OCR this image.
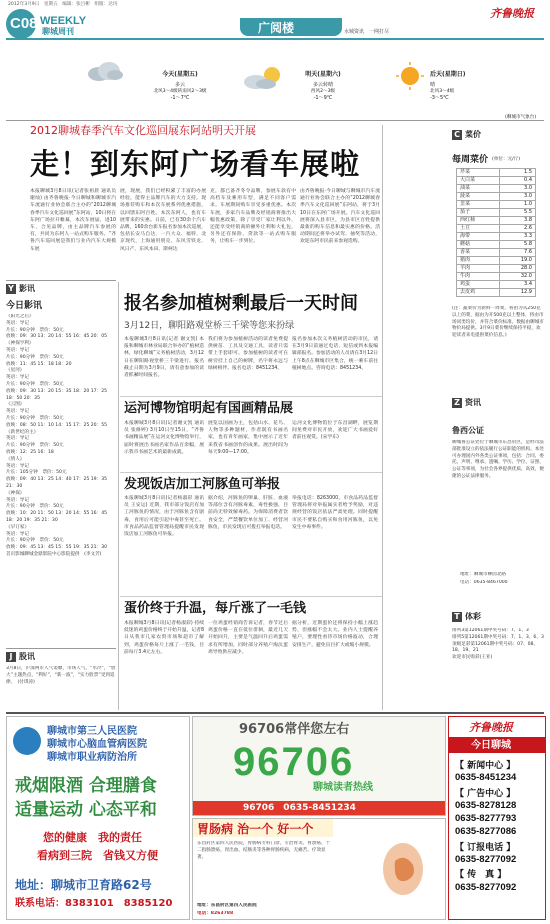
2012年3月9日　星期五　编辑：张吕彬　组版：达玛
C08 WEEKLY
聊城周刊	广阅楼	水城资讯　一网打尽
齐鲁晚报
今天(星期五)
多云
北风3～4级转南风2～3级
-1～7℃
明天(星期六)
多云转晴
西风2～3级
-1～9℃
后天(星期日)
晴
北风3～4级
-3～5℃
(聊城市气象台)
2012聊城春季汽车文化巡回展东阿站明天开展
走！到东阿广场看车展啦
本报聊城3月8日讯(记者张祖晨 通讯员 谢灿) 由齐鲁晚报·今日聊城和聊城市汽车流通行业协会联合主办的“2012聊城春季汽车文化巡回展”东阿站，10日将在东阿广场拉开帷幕，本次车展届，进10车，合见品牌，由主品牌汽车参展的有，共同为东阿人一站式购车服务。“齐鲁汽车巡回展是我们与业内汽车大规模车展
展，现展，我们已经积累了丰富的办展经验，能得主品牌汽车的大力支持。现场推荐购车和本次车展系列优惠措施，以回馈东阿百姓。本次东阿人，也有车展带来的实惠。日前，已有30余个汽车品牌，160余台新车报名参加本次巡展，包括长安马自达、一汽大众、福特、北京现代、上海通用别克、东风雪铁龙、风日产、东风本田、斯柯达
克，都已备齐冬令品牌，参展车款有中高档车及乘用车型，满足不同客户需求。车展期间购车享受多重优惠。本次车展，多家汽车品牌及经销商将推出大幅优惠政策，除了享受厂家让利以外，还能享受经销商的额外让利和大礼包，另外还有保险、贷款等一站式购车服务，让购车一步到位。
由齐鲁晚报·今日聊城与聊城市汽车流通行业协会联合主办的“2012聊城春季汽车文化巡回展”东阿站，将于3月10日在东阿广场开展。汽车文化巡回展将深入县市区，为县市区百姓提供最新的购车信息和最实惠的价格。活动期间还将举办试驾、抽奖等活动，欢迎东阿市民前来参观选购。
Y 影讯
今日影讯
《阳光之后》
英语：导记
片长：90分钟　票价：50元
放映：09：30 13：20 14：55 16：45 20：05
《神探亨利》
英语：导记
片长：90分钟　票价：50元
放映：11：45 15：18 18：20
《星河》
英语：导记
片长：90分钟　票价：50元
放映：09：30 13：20 15：35 18：20 17：25 18：50 20：35
《云图》
英语：导记
片长：90分钟　票价：50元
放映：08：50 11：10 14：15 17：25 20：55
《新世纪的主》
英语：导记
片长：90分钟　票价：50元
放映：12：25 16：18
《情人》
英语：导记
片长：105分钟　票价：50元
放映：09：40 13：25 14：40 17：25 19：35 21：30
《神探》
英语：导记
片长：90分钟　票价：50元
放映：10：20 11：50 13：20 14：55 16：45 18：20 19：35 21：30
《早订家》
英语：导记
片长：90分钟　票价：50元
放映：09：45 13：45 15：55 19：35 21：30
首页影城聊城金鼎影院中心影院提供　(李文芳)
J 股讯
3月8日，沪深两市人气萎靡，市场人气，“水冷”，“放大”主题热点，“利好”，“新一波”，“实力股票”受到追捧。　(付琪涛)
报名参加植树剩最后一天时间
3月12日，聊阳路观堂桥三千梁等您来扮绿
本报聊城3月8日讯(记者 谢文凯) 本报和聊城市林业局联合举办的“植树造林，绿化聊城”义务植树活动，3月12日在聊阳路观堂桥三千梁进行。报名截止日期为3月9日，请有意参加的读者抓紧时间报名。
我们将为参加植树活动的读者免费提供树苗、工具及交通工具，读者只需带上手套即可。参加植树的读者可在树旁挂上自己的树牌，名字将永远与绿树相伴。报名电话：8451234。
报名参加本次义务植树活动的市民，请在3月9日前通过电话、短信或到本报编辑部报名。参加活动的人员请在3月12日上午8点在聊城市区集合，统一乘车前往植树地点。咨询电话：8451234。
运河博物馆明起有国画精品展
本报聊城3月8日讯(记者谢文凯 通讯员 张修婷) 3月10日至15日，“齐鲁书画精品展”在运河文化博物馆举行，届时将展出书画名家作品百余幅，展示我市书画艺术的最新成就。
展览以国画为主，包括山水、花鸟、人物等多种题材，作者既有书画名家，也有青年画家，集中展示了近年来我省书画创作的成果。展出时间为每天9:00—17:00。
运河文化博物馆位于东昌湖畔，展览期间免费对市民开放，欢迎广大书画爱好者前往观赏。(宋学东)
发现饭店加工河豚鱼可举报
本报聊城3月8日讯(记者杨淑彩 通讯员 王安运) 近期，我市部分饭店有加工河豚鱼的情况，由于河豚鱼含有剧毒，食用后可能引起中毒甚至死亡。市食品药品监督管理局提醒市民发现饭店加工河豚鱼可举报。
据介绍，河豚鱼的卵巢、肝脏、血液等部位含有河豚毒素，毒性极强，目前尚无特效解毒药。为保障消费者饮食安全，严禁餐饮单位加工、经营河豚鱼，市民发现后可拨打举报电话。
举报电话：8263000。市食品药品监督管理局将对举报属实者给予奖励，对违规经营的饭店依法严肃处理。同时提醒市民不要私自购买和食用河豚鱼，以免发生中毒事件。
蛋价终于升温，每斤涨了一毛钱
本报聊城3月8日讯(记者杨淑彩) 持续低迷的鸡蛋价格终于开始升温，记者8日从我市几家农贸市场和超市了解到，鸡蛋价格每斤上涨了一毛钱，目前每斤3.4元左右。
一位鸡蛋经销商告诉记者，春节过后鸡蛋价格一直在低位徘徊，最近几天开始回升，主要是气温回升后鸡蛋需求有所增加，同时部分养殖户淘汰蛋鸡导致供应减少。
据分析，近期蛋价还将保持小幅上涨趋势，但涨幅不会太大。业内人士提醒养殖户，要理性看待市场价格波动，合理安排生产，避免盲目扩大或缩小规模。
C 菜价
每周菜价 (单位：元/斤)
芹菜	1.5
大白菜	0.4
油菜	3.0
菠菜	3.0
韭菜	1.0
茄子	5.5
西红柿	3.8
土豆	2.6
海带	3.3
蘑菇	5.8
香菜	7.6
猪肉	19.0
羊肉	28.0
牛肉	32.0
鸡蛋	3.4
去皮鸡	12.9
(注：蔬菜价为新鲜一周菜，将由为从250克以上的菜，据由为开500克以上整体，将由市场同类均价，并符合菜价标准，数据由聊城市物价局提供。3月9日菜价继续保持平稳，欢迎读者来电提供菜价信息。)
Z 资讯
鲁西公证
聊城鲁公证处位于聊城市东昌府区，是经司法部批准设立的依法履行公证职能的机构。本处可办理国内外各类公证事项，包括：合同、委托、声明、继承、遗嘱、学历、学位、证照、公证等事项，为社会各界提供优质、高效、便捷的公证法律服务。
地址：聊城市柳园北路
电话：0635-8467000
T 体彩
排列3第12061期中奖号码：7、1、3
排列5第12061期中奖号码：7、1、3、6、3
顶级足彩第12061期中奖号码：07、08、18、19、21
欢迎市民购彩(王亚)
聊城市第三人民医院
聊城市心脑血管病医院
聊城市职业病防治所
戒烟限酒 合理膳食
适量运动 心态平和
您的健康　我的责任
看病到三院　省钱又方便
地址：聊城市卫育路62号
联系电话：8383101　8385120
96706常伴您左右
96706
聊城读者热线
96706　0635-8451234
胃肠病 治一个 好一个
东昌府区第四人民医院，胃肠病专科门诊，专治胃炎、胃溃疡、十二指肠溃疡、胃出血、结肠炎等各种胃肠疾病，无痛苦、疗效显著。
地址：东昌府区第四人民医院
电话：8263788
齐鲁晚报
今日聊城
【 新闻中心 】
0635-8451234
【 广告中心 】
0635-8278128
0635-8277793
0635-8277086
【 订报电话 】
0635-8277092
【 传　真 】
0635-8277092
